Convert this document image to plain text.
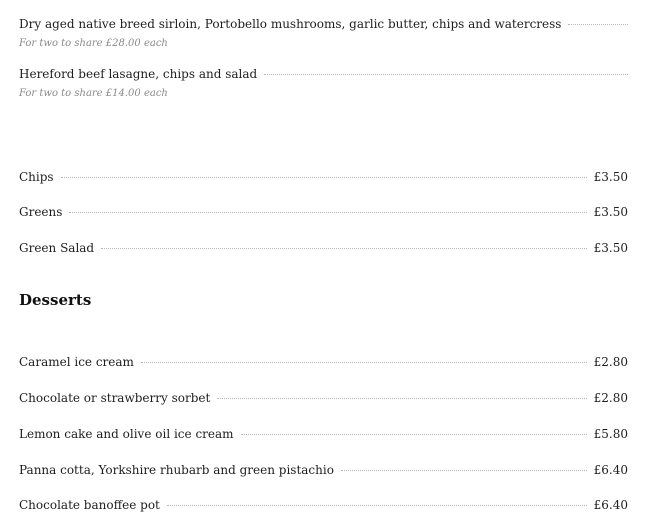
Dry aged native breed sirloin, Portobello mushrooms, garlic butter, chips and watercress
For two to share £28.00 each
Hereford beef lasagne, chips and salad
For two to share £14.00 each
Chips	£3.50
Greens	£3.50
Green Salad	£3.50
Desserts
Caramel ice cream	£2.80
Chocolate or strawberry sorbet	£2.80
Lemon cake and olive oil ice cream	£5.80
Panna cotta, Yorkshire rhubarb and green pistachio	£6.40
Chocolate banoffee pot	£6.40
